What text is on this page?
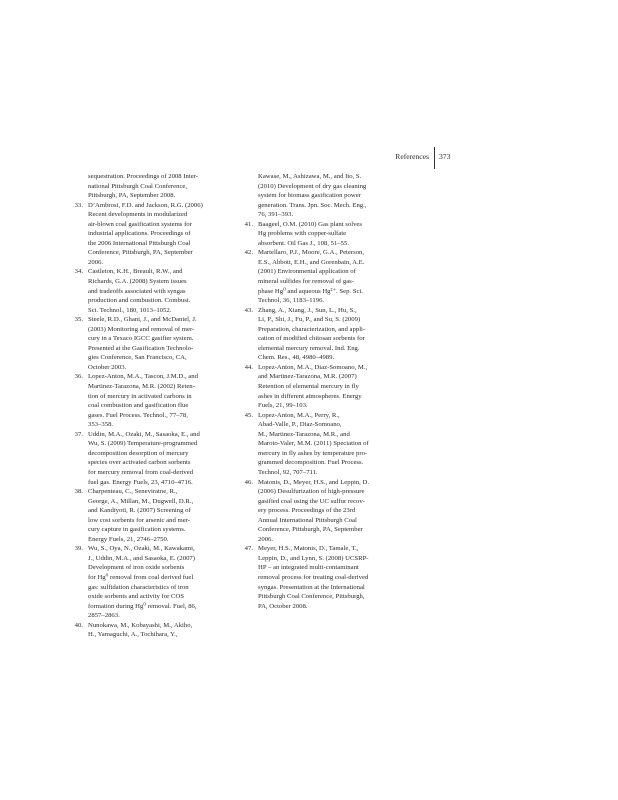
References 373
sequestration. Proceedings of 2008 Inter-
national Pittsburgh Coal Conference,
Pittsburgh, PA, September 2008.
33. D’Ambrosi, F.D. and Jackson, R.G. (2006)
Recent developments in modularized
air-blown coal gasification systems for
industrial applications. Proceedings of
the 2006 International Pittsburgh Coal
Conference, Pittsburgh, PA, September
2006.
34. Castleton, K.H., Breault, R.W., and
Richards, G.A. (2008) System issues
and tradeoffs associated with syngas
production and combustion. Combust.
Sci. Technol., 180, 1013–1052.
35. Steele, R.D., Ghani, J., and McDaniel, J.
(2003) Monitoring and removal of mer-
cury in a Texaco IGCC gasifier system.
Presented at the Gasification Technolo-
gies Conference, San Francisco, CA,
October 2003.
36. Lopez-Anton, M.A., Tascon, J.M.D., and
Martinez-Tarazona, M.R. (2002) Reten-
tion of mercury in activated carbons in
coal combustion and gasification flue
gases. Fuel Process. Technol., 77–78,
353–358.
37. Uddin, M.A., Ozaki, M., Sasaoka, E., and
Wu, S. (2009) Temperature-programmed
decomposition desorption of mercury
species over activated carbon sorbents
for mercury removal from coal-derived
fuel gas. Energy Fuels, 23, 4710–4716.
38. Charpenteau, C., Seneviratne, R.,
George, A., Millan, M., Dugwell, D.R.,
and Kandiyoti, R. (2007) Screening of
low cost sorbents for arsenic and mer-
cury capture in gasification systems.
Energy Fuels, 21, 2746–2750.
39. Wu, S., Oya, N., Ozaki, M., Kawakami,
J., Uddin, M.A., and Sasaoka, E. (2007)
Development of iron oxide sorbents
for Hg⁰ removal from coal derived fuel
gas: sulfidation characteristics of iron
oxide sorbents and activity for COS
formation during Hg⁰ removal. Fuel, 86,
2857–2863.
40. Nunokawa, M., Kobayashi, M., Akiho,
H., Yamaguchi, A., Tochihara, Y.,
Kawase, M., Ashizawa, M., and Ito, S.
(2010) Development of dry gas cleaning
system for biomass gasification power
generation. Trans. Jpn. Soc. Mech. Eng.,
76, 391–393.
41. Baageel, O.M. (2010) Gas plant solves
Hg problems with copper-sulfate
absorbent. Oil Gas J., 108, 51–55.
42. Martellaro, P.J., Moore, G.A., Peterson,
E.S., Abbott, E.H., and Gorenbain, A.E.
(2001) Environmental application of
mineral sulfides for removal of gas-
phase Hg⁰ and aqueous Hg²⁺. Sep. Sci.
Technol, 36, 1183–1196.
43. Zhang, A., Xiang, J., Sun, L., Hu, S.,
Li, P., Shi, J., Fu, P., and Su, S. (2009)
Preparation, characterization, and appli-
cation of modified chitosan sorbents for
elemental mercury removal. Ind. Eng.
Chem. Res., 48, 4980–4989.
44. Lopez-Anton, M.A., Diaz-Somoano, M.,
and Martinez-Tarazona, M.R. (2007)
Retention of elemental mercury in fly
ashes in different atmospheres. Energy
Fuels, 21, 99–103.
45. Lopez-Anton, M.A., Perry, R.,
Abad-Valle, P., Diaz-Somoano,
M., Martinez-Tarazona, M.R., and
Maroto-Valer, M.M. (2011) Speciation of
mercury in fly ashes by temperature pro-
grammed decomposition. Fuel Process.
Technol, 92, 707–711.
46. Matonis, D., Meyer, H.S., and Leppin, D.
(2006) Desulfurization of high-pressure
gasified coal using the UC sulfur recov-
ery process. Proceedings of the 23rd
Annual International Pittsburgh Coal
Conference, Pittsburgh, PA, September
2006.
47. Meyer, H.S., Matonis, D., Tamale, T.,
Leppin, D., and Lynn, S. (2008) UCSRP-
HP – an integrated multi-contaminant
removal process for treating coal-derived
syngas. Presentation at the International
Pittsburgh Coal Conference, Pittsburgh,
PA, October 2008.
